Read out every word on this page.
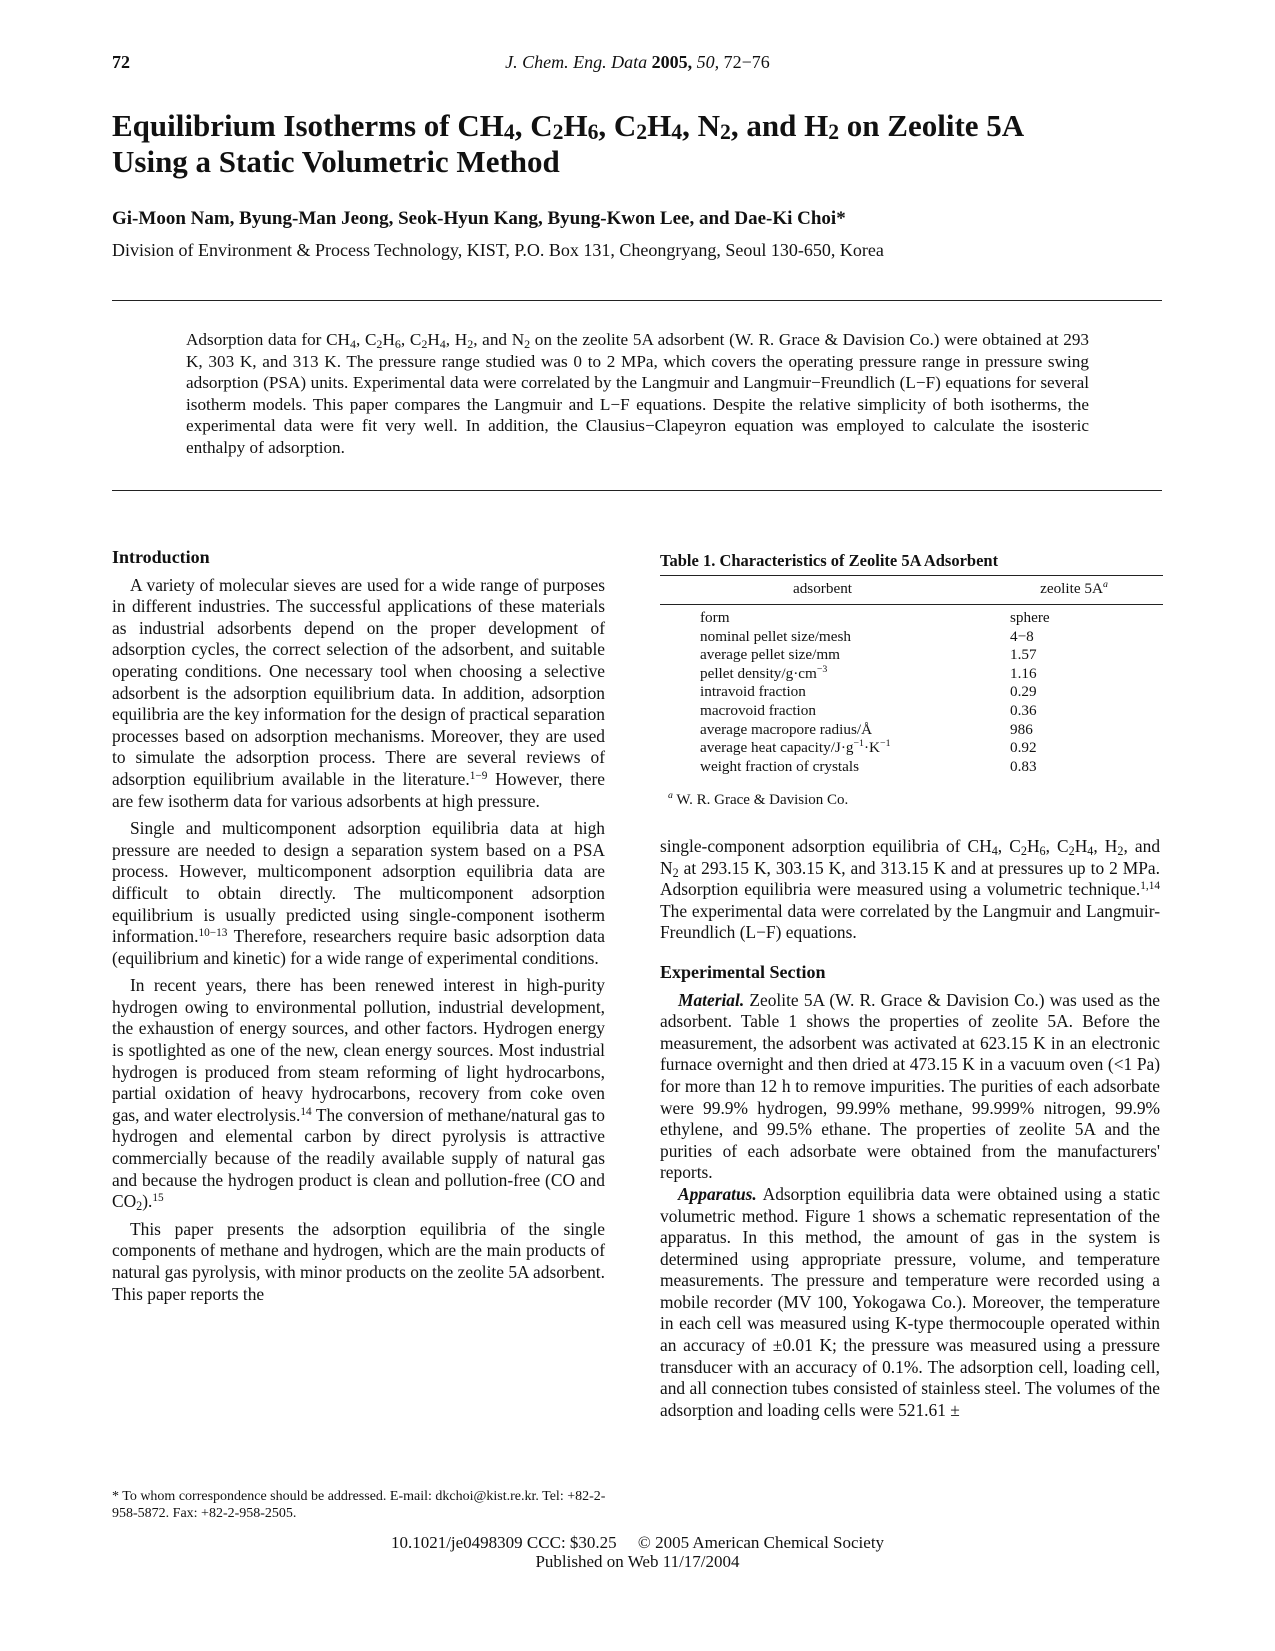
72	J. Chem. Eng. Data 2005, 50, 72−76
Equilibrium Isotherms of $CH_4$, $C_2H_6$, $C_2H_4$, $N_2$, and $H_2$ on Zeolite 5A
Using a Static Volumetric Method
Gi-Moon Nam, Byung-Man Jeong, Seok-Hyun Kang, Byung-Kwon Lee, and Dae-Ki Choi*
Division of Environment & Process Technology, KIST, P.O. Box 131, Cheongryang, Seoul 130-650, Korea
Adsorption data for $CH_4$, $C_2H_6$, $C_2H_4$, $H_2$, and $N_2$ on the zeolite 5A adsorbent (W. R. Grace & Davision Co.) were obtained at 293 K, 303 K, and 313 K. The pressure range studied was 0 to 2 MPa, which covers the operating pressure range in pressure swing adsorption (PSA) units. Experimental data were correlated by the Langmuir and Langmuir−Freundlich (L−F) equations for several isotherm models. This paper compares the Langmuir and L−F equations. Despite the relative simplicity of both isotherms, the experimental data were fit very well. In addition, the Clausius−Clapeyron equation was employed to calculate the isosteric enthalpy of adsorption.
Introduction

A variety of molecular sieves are used for a wide range of purposes in different industries. The successful applications of these materials as industrial adsorbents depend on the proper development of adsorption cycles, the correct selection of the adsorbent, and suitable operating conditions. One necessary tool when choosing a selective adsorbent is the adsorption equilibrium data. In addition, adsorption equilibria are the key information for the design of practical separation processes based on adsorption mechanisms. Moreover, they are used to simulate the adsorption process. There are several reviews of adsorption equilibrium available in the literature.$^{1-9}$ However, there are few isotherm data for various adsorbents at high pressure.

Single and multicomponent adsorption equilibria data at high pressure are needed to design a separation system based on a PSA process. However, multicomponent adsorption equilibria data are difficult to obtain directly. The multicomponent adsorption equilibrium is usually predicted using single-component isotherm information.$^{10-13}$ Therefore, researchers require basic adsorption data (equilibrium and kinetic) for a wide range of experimental conditions.

In recent years, there has been renewed interest in high-purity hydrogen owing to environmental pollution, industrial development, the exhaustion of energy sources, and other factors. Hydrogen energy is spotlighted as one of the new, clean energy sources. Most industrial hydrogen is produced from steam reforming of light hydrocarbons, partial oxidation of heavy hydrocarbons, recovery from coke oven gas, and water electrolysis.$^{14}$ The conversion of methane/natural gas to hydrogen and elemental carbon by direct pyrolysis is attractive commercially because of the readily available supply of natural gas and because the hydrogen product is clean and pollution-free (CO and $CO_2).^{15}$

This paper presents the adsorption equilibria of the single components of methane and hydrogen, which are the main products of natural gas pyrolysis, with minor products on the zeolite 5A adsorbent. This paper reports the

* To whom correspondence should be addressed. E-mail: dkchoi@kist.re.kr. Tel: +82-2-958-5872. Fax: +82-2-958-2505.
Table 1. Characteristics of Zeolite 5A Adsorbent
adsorbent	zeolite $5A^a$
form	sphere
nominal pellet size/mesh	4−8
average pellet size/mm	1.57
pellet density/$g\cdot cm^{-3}$	1.16
intravoid fraction	0.29
macrovoid fraction	0.36
average macropore radius/Å	986
average heat capacity/$J\cdot g^{-1}\cdot K^{-1}$	0.92
weight fraction of crystals	0.83
$^a$ W. R. Grace & Davision Co.

single-component adsorption equilibria of $CH_4$, $C_2H_6$, $C_2H_4$, $H_2$, and $N_2$ at 293.15 K, 303.15 K, and 313.15 K and at pressures up to 2 MPa. Adsorption equilibria were measured using a volumetric technique.$^{1,14}$ The experimental data were correlated by the Langmuir and Langmuir-Freundlich (L−F) equations.

Experimental Section

Material. Zeolite 5A (W. R. Grace & Davision Co.) was used as the adsorbent. Table 1 shows the properties of zeolite 5A. Before the measurement, the adsorbent was activated at 623.15 K in an electronic furnace overnight and then dried at 473.15 K in a vacuum oven (<1 Pa) for more than 12 h to remove impurities. The purities of each adsorbate were 99.9% hydrogen, 99.99% methane, 99.999% nitrogen, 99.9% ethylene, and 99.5% ethane. The properties of zeolite 5A and the purities of each adsorbate were obtained from the manufacturers' reports.

Apparatus. Adsorption equilibria data were obtained using a static volumetric method. Figure 1 shows a schematic representation of the apparatus. In this method, the amount of gas in the system is determined using appropriate pressure, volume, and temperature measurements. The pressure and temperature were recorded using a mobile recorder (MV 100, Yokogawa Co.). Moreover, the temperature in each cell was measured using K-type thermocouple operated within an accuracy of ±0.01 K; the pressure was measured using a pressure transducer with an accuracy of 0.1%. The adsorption cell, loading cell, and all connection tubes consisted of stainless steel. The volumes of the adsorption and loading cells were 521.61 ±

10.1021/je0498309 CCC: $30.25     © 2005 American Chemical Society
Published on Web 11/17/2004
